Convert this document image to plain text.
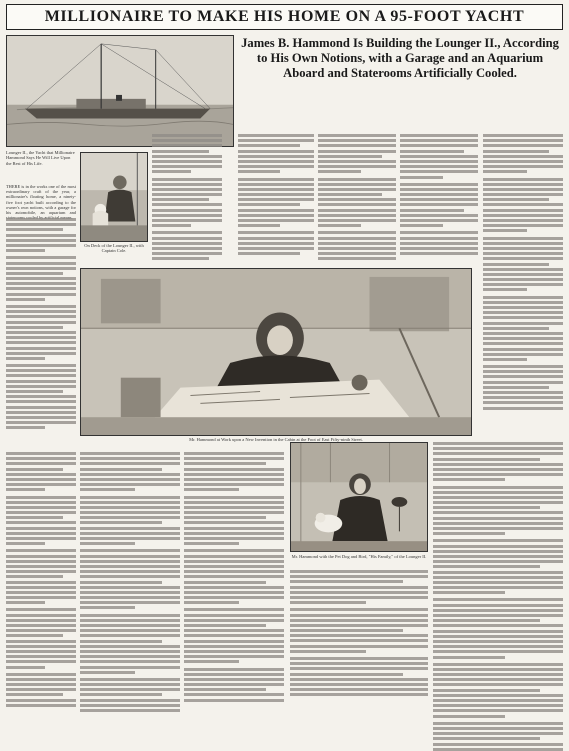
MILLIONAIRE TO MAKE HIS HOME ON A 95-FOOT YACHT
James B. Hammond Is Building the Lounger II., According to His Own Notions, with a Garage and an Aquarium Aboard and Staterooms Artificially Cooled.
Lounger II., the Yacht that Millionaire Hammond Says He Will Live Upon the Rest of His Life.
THERE is in the works one of the most extraordinary craft of the year, a millionaire's floating home, a ninety-five foot yacht built according to the owner's own notions, with a garage for his automobile, an aquarium and
On Deck of the Lounger II., with Captain Cole.
Mr. Hammond at Work upon a New Invention in the Cabin at the Foot of East Fifty-ninth Street.
Mr. Hammond with the Pet Dog and Bird, "His Family," of the Lounger II.
